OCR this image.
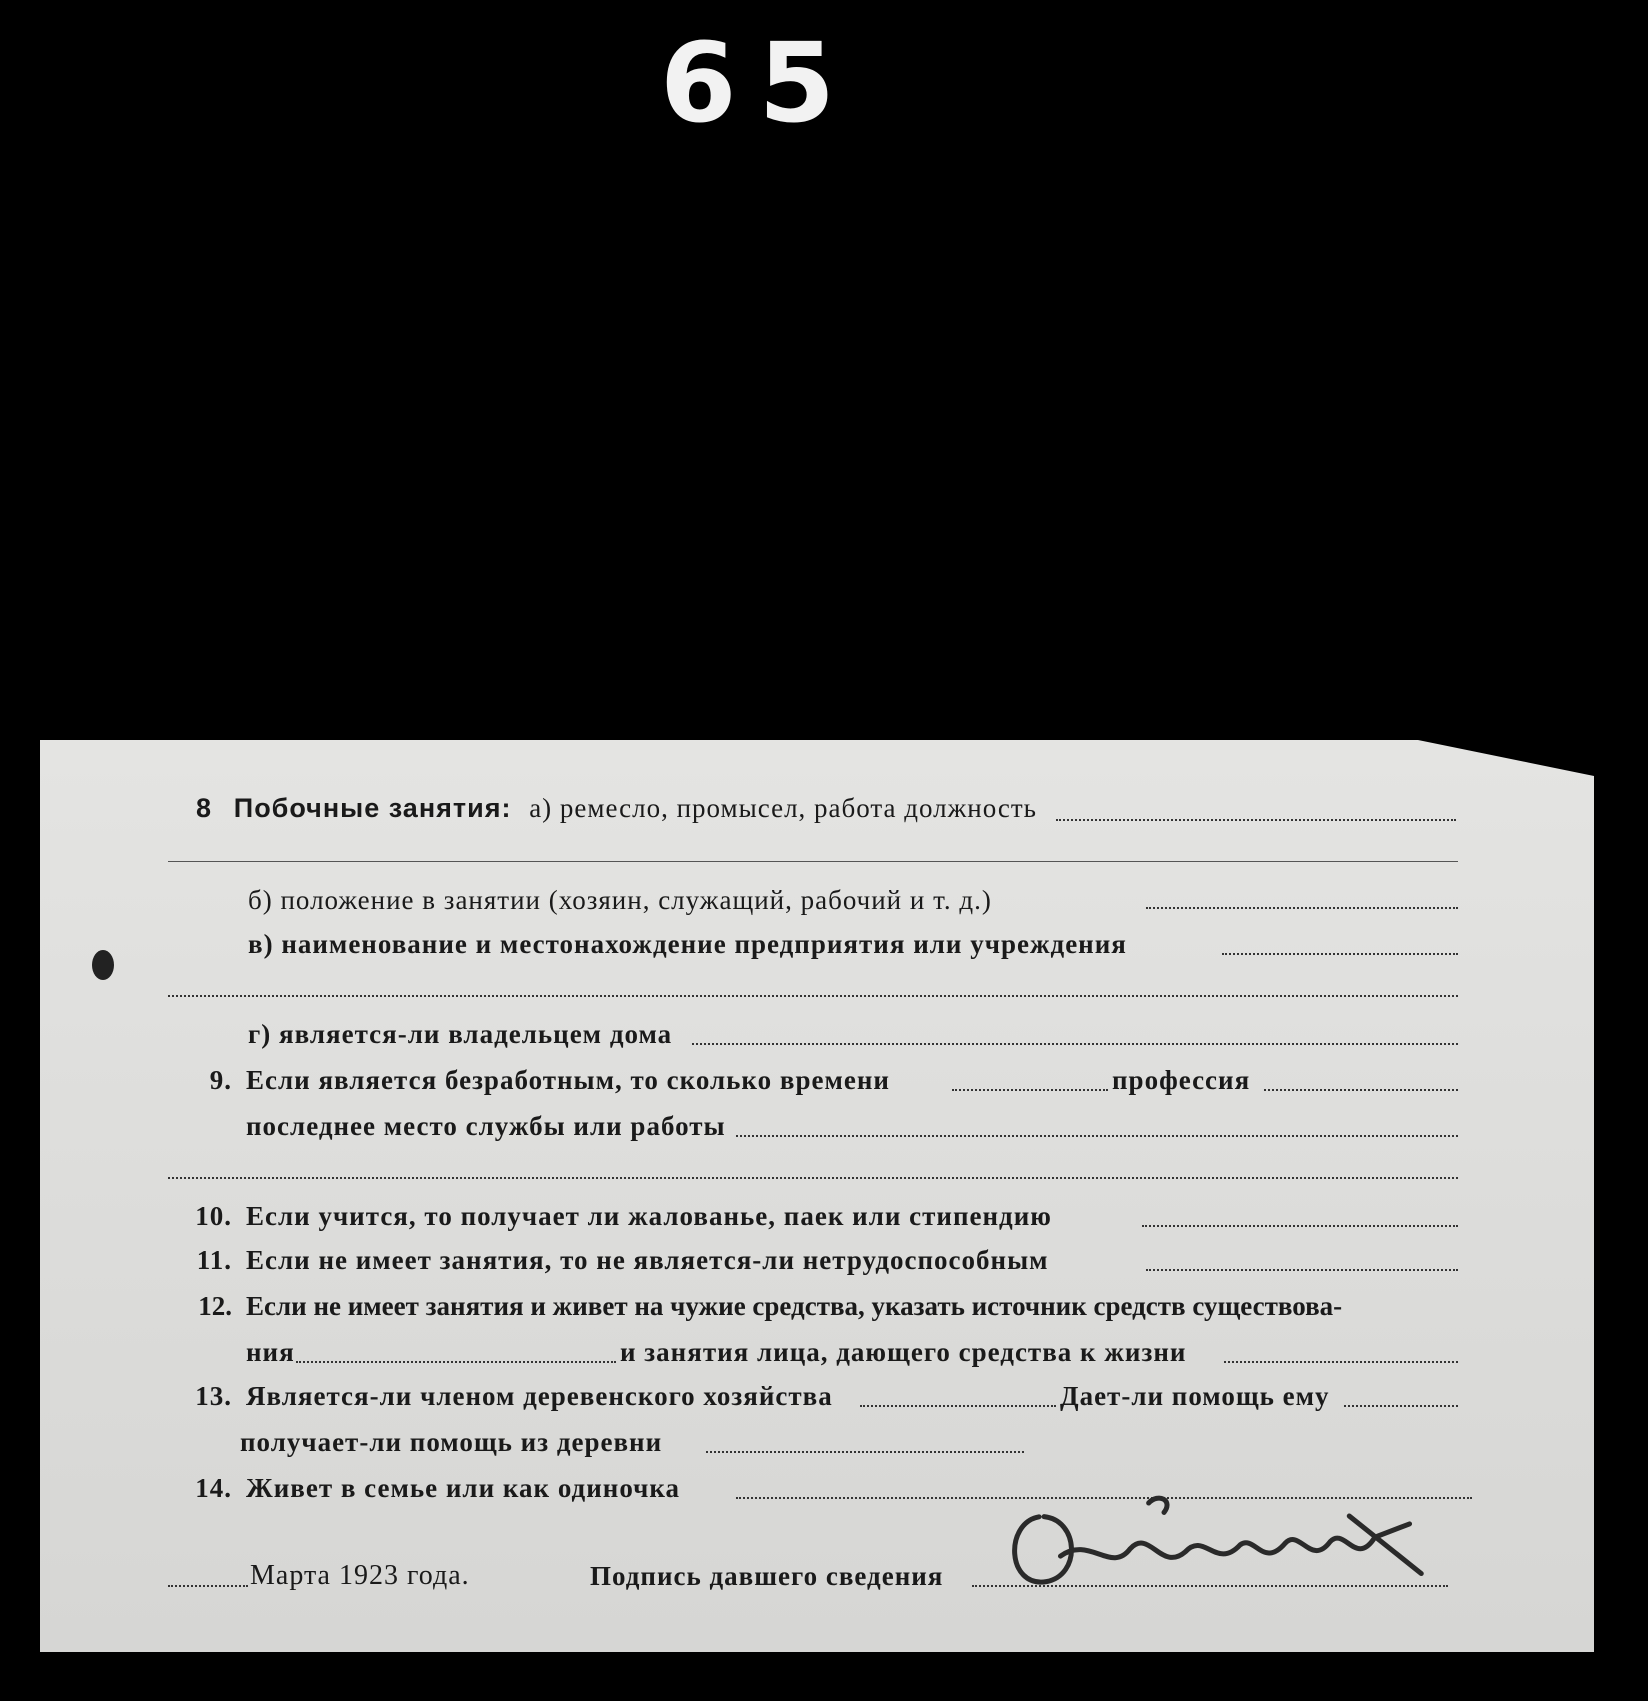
65
8 Побочные занятия: а) ремесло, промысел, работа должность
б) положение в занятии (хозяин, служащий, рабочий и т. д.)
в) наименование и местонахождение предприятия или учреждения
г) является-ли владельцем дома
9. Если является безработным, то сколько времени	профессия
последнее место службы или работы
10. Если учится, то получает ли жалованье, паек или стипендию
11. Если не имеет занятия, то не является-ли нетрудоспособным
12. Если не имеет занятия и живет на чужие средства, указать источник средств существова-
ния	и занятия лица, дающего средства к жизни
13. Является-ли членом деревенского хозяйства	Дает-ли помощь ему
получает-ли помощь из деревни
14. Живет в семье или как одиночка
Марта 1923 года.	Подпись давшего сведения
